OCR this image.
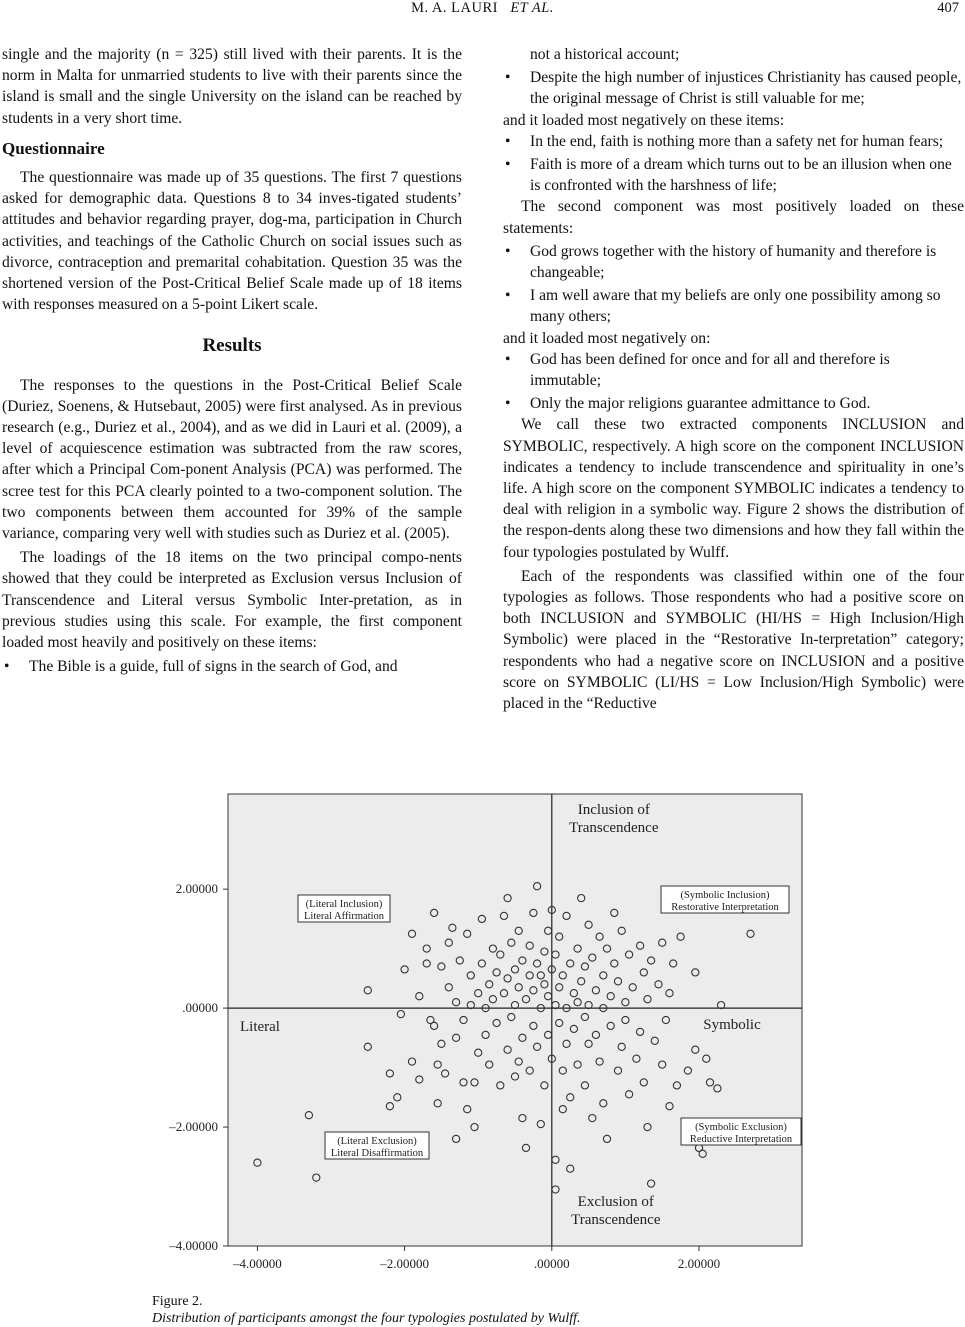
M. A. LAURI ET AL.	407

single and the majority (n = 325) still lived with their parents. It is the norm in Malta for unmarried students to live with their parents since the island is small and the single University on the island can be reached by students in a very short time.

Questionnaire

The questionnaire was made up of 35 questions. The first 7 questions asked for demographic data. Questions 8 to 34 inves-tigated students’ attitudes and behavior regarding prayer, dog-ma, participation in Church activities, and teachings of the Catholic Church on social issues such as divorce, contraception and premarital cohabitation. Question 35 was the shortened version of the Post-Critical Belief Scale made up of 18 items with responses measured on a 5-point Likert scale.

Results

The responses to the questions in the Post-Critical Belief Scale (Duriez, Soenens, & Hutsebaut, 2005) were first analysed. As in previous research (e.g., Duriez et al., 2004), and as we did in Lauri et al. (2009), a level of acquiescence estimation was subtracted from the raw scores, after which a Principal Com-ponent Analysis (PCA) was performed. The scree test for this PCA clearly pointed to a two-component solution. The two components between them accounted for 39% of the sample variance, comparing very well with studies such as Duriez et al. (2005).

The loadings of the 18 items on the two principal compo-nents showed that they could be interpreted as Exclusion versus Inclusion of Transcendence and Literal versus Symbolic Inter-pretation, as in previous studies using this scale. For example, the first component loaded most heavily and positively on these items:

• The Bible is a guide, full of signs in the search of God, and
not a historical account;
• Despite the high number of injustices Christianity has caused people, the original message of Christ is still valuable for me;

and it loaded most negatively on these items:

• In the end, faith is nothing more than a safety net for human fears;
• Faith is more of a dream which turns out to be an illusion when one is confronted with the harshness of life;

The second component was most positively loaded on these statements:

• God grows together with the history of humanity and therefore is changeable;
• I am well aware that my beliefs are only one possibility among so many others;

and it loaded most negatively on:

• God has been defined for once and for all and therefore is immutable;
• Only the major religions guarantee admittance to God.

We call these two extracted components INCLUSION and SYMBOLIC, respectively. A high score on the component INCLUSION indicates a tendency to include transcendence and spirituality in one’s life. A high score on the component SYMBOLIC indicates a tendency to deal with religion in a symbolic way. Figure 2 shows the distribution of the respon-dents along these two dimensions and how they fall within the four typologies postulated by Wulff.

Each of the respondents was classified within one of the four typologies as follows. Those respondents who had a positive score on both INCLUSION and SYMBOLIC (HI/HS = High Inclusion/High Symbolic) were placed in the “Restorative In-terpretation” category; respondents who had a negative score on INCLUSION and a positive score on SYMBOLIC (LI/HS = Low Inclusion/High Symbolic) were placed in the “Reductive

–4.00000	–2.00000	.00000	2.00000
2.00000
.00000
–2.00000
–4.00000
Inclusion of
Transcendence
Exclusion of
Transcendence
Literal	Symbolic
(Literal Inclusion)
Literal Affirmation
(Symbolic Inclusion)
Restorative Interpretation
(Literal Exclusion)
Literal Disaffirmation
(Symbolic Exclusion)
Reductive Interpretation
Figure 2.
Distribution of participants amongst the four typologies postulated by Wulff.
